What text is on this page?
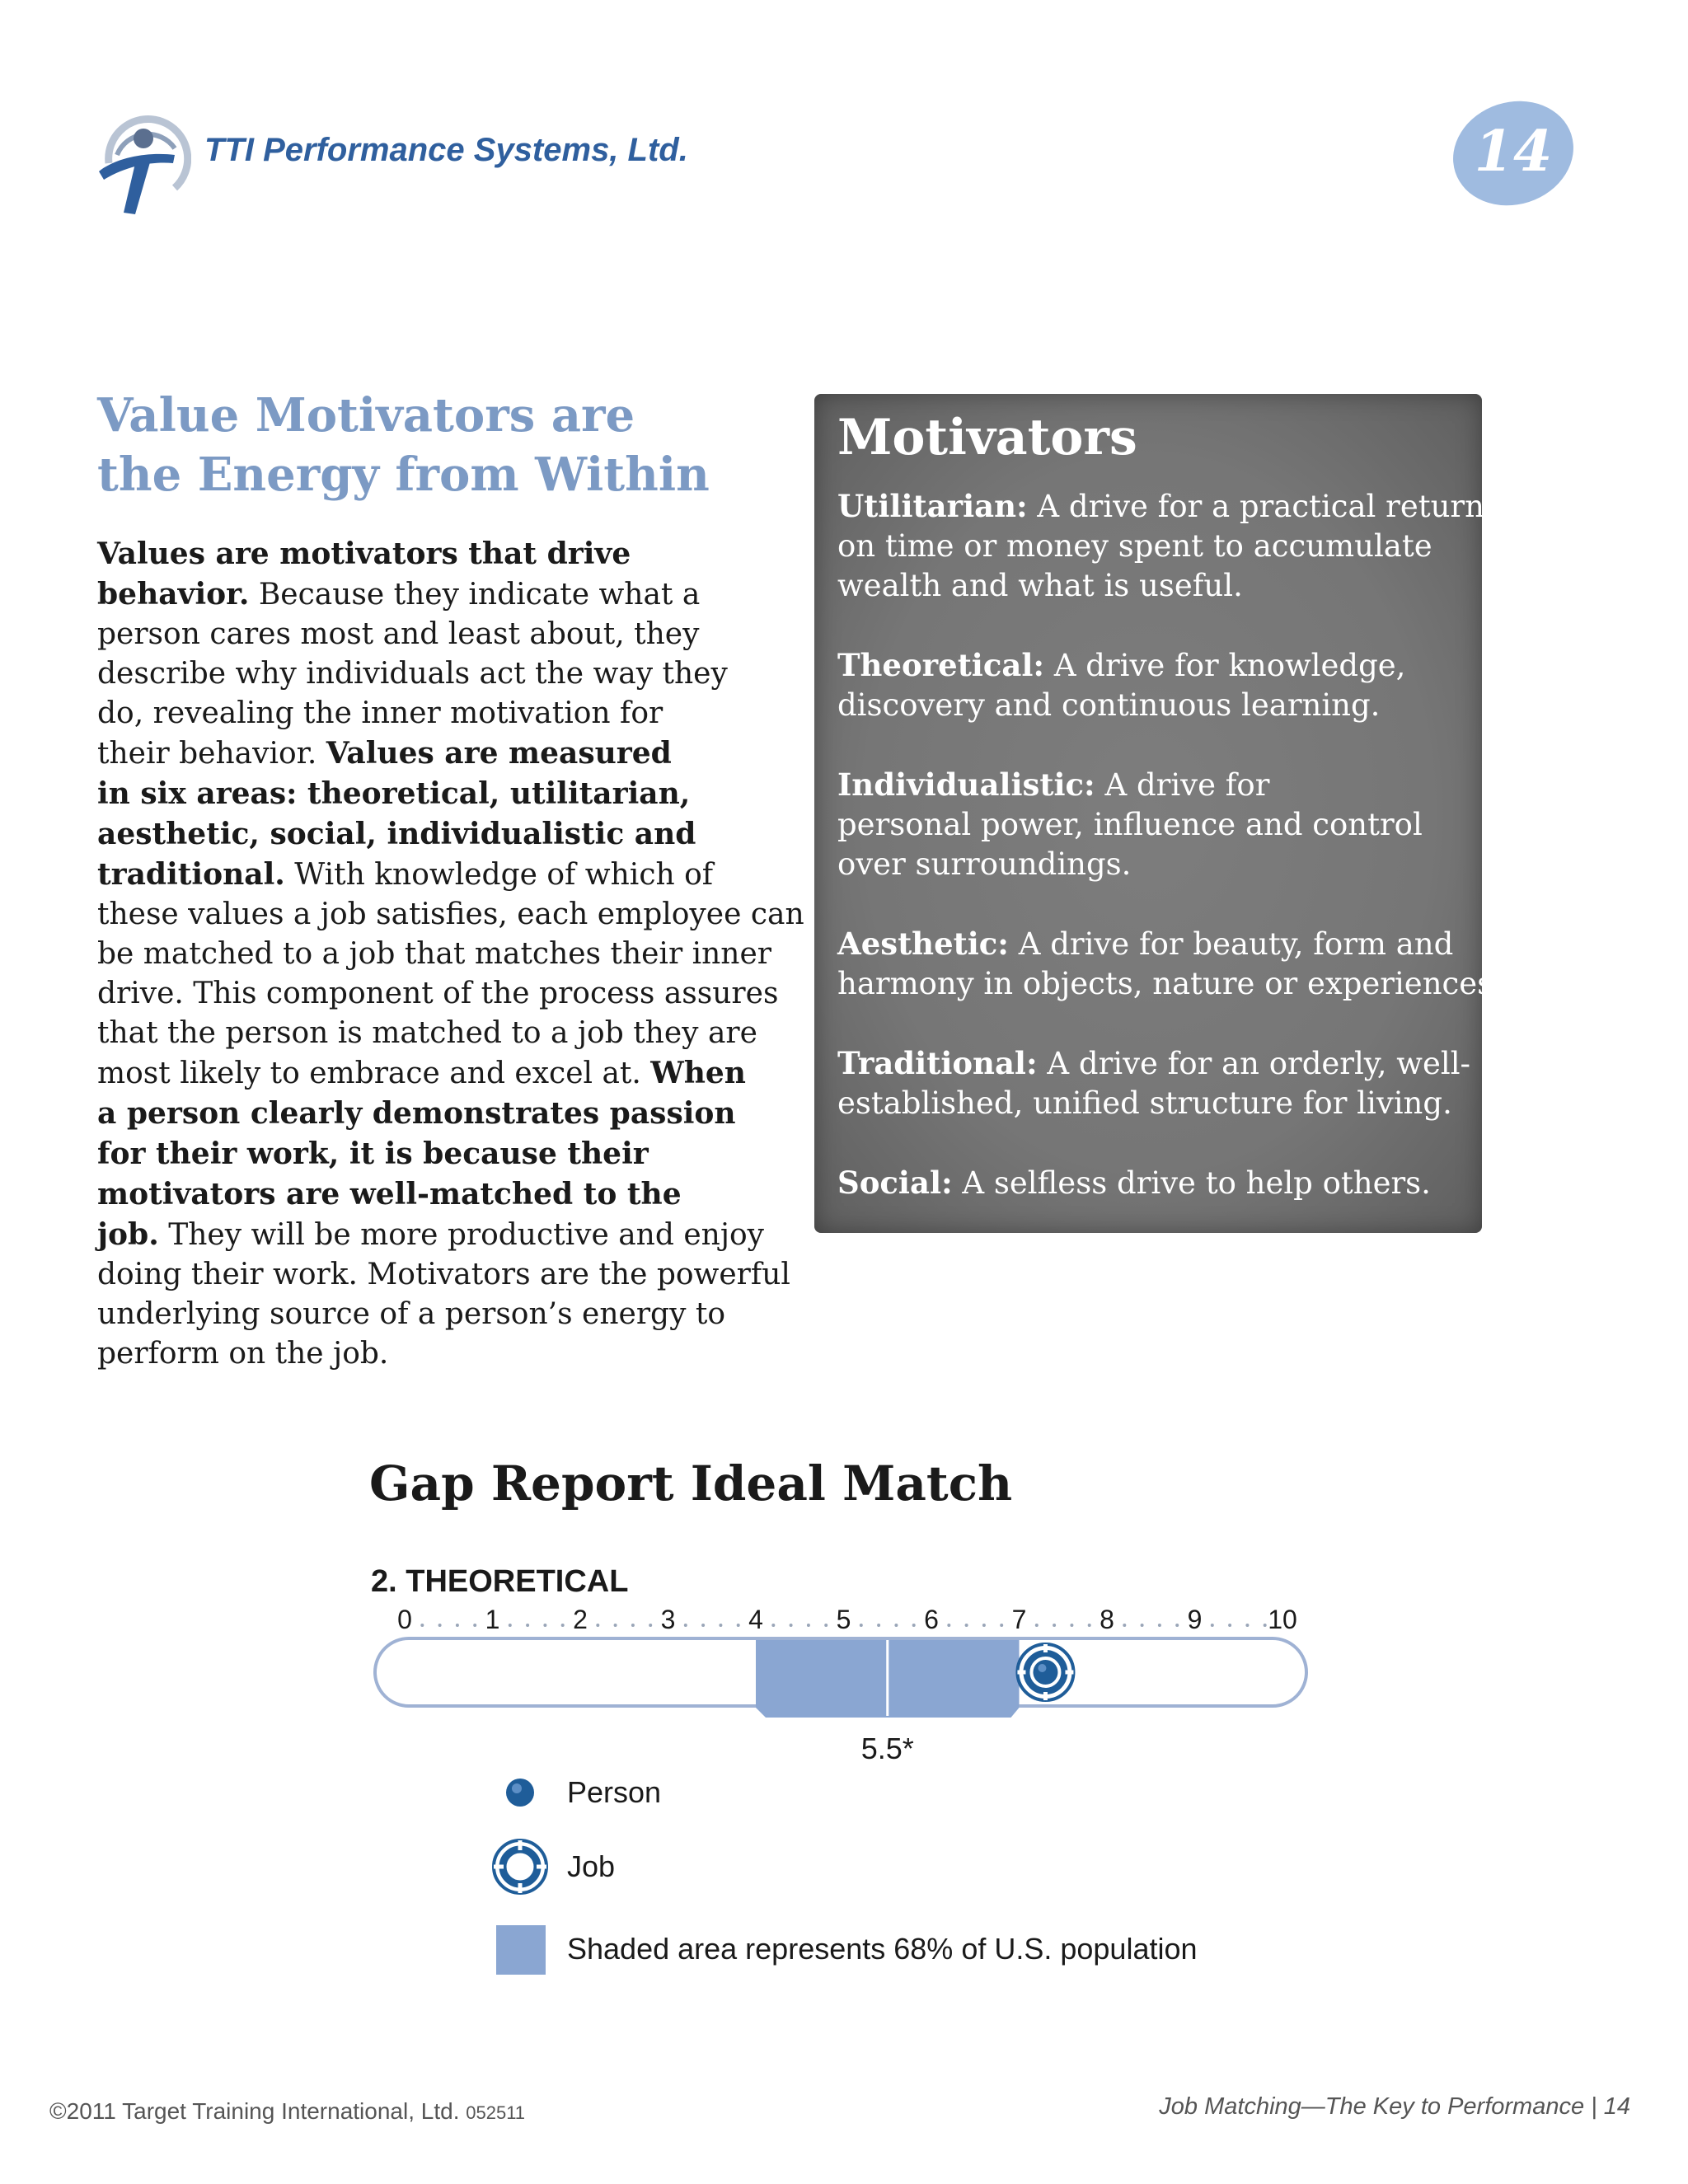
TTI Performance Systems, Ltd.	14
Value Motivators are
the Energy from Within
Values are motivators that drive
behavior. Because they indicate what a
person cares most and least about, they
describe why individuals act the way they
do, revealing the inner motivation for
their behavior. Values are measured
in six areas: theoretical, utilitarian,
aesthetic, social, individualistic and
traditional. With knowledge of which of
these values a job satisfies, each employee can
be matched to a job that matches their inner
drive. This component of the process assures
that the person is matched to a job they are
most likely to embrace and excel at. When
a person clearly demonstrates passion
for their work, it is because their
motivators are well-matched to the
job. They will be more productive and enjoy
doing their work. Motivators are the powerful
underlying source of a person’s energy to
perform on the job.
Motivators
Utilitarian: A drive for a practical return
on time or money spent to accumulate
wealth and what is useful.
Theoretical: A drive for knowledge,
discovery and continuous learning.
Individualistic: A drive for
personal power, influence and control
over surroundings.
Aesthetic: A drive for beauty, form and
harmony in objects, nature or experiences.
Traditional: A drive for an orderly, well-
established, unified structure for living.
Social: A selfless drive to help others.
Gap Report Ideal Match
2. THEORETICAL
5.5*
0	1	2	3	4	5	6	7	8	9 10
Person
Job
Shaded area represents 68% of U.S. population
©2011 Target Training International, Ltd. 052511	Job Matching—The Key to Performance | 14
